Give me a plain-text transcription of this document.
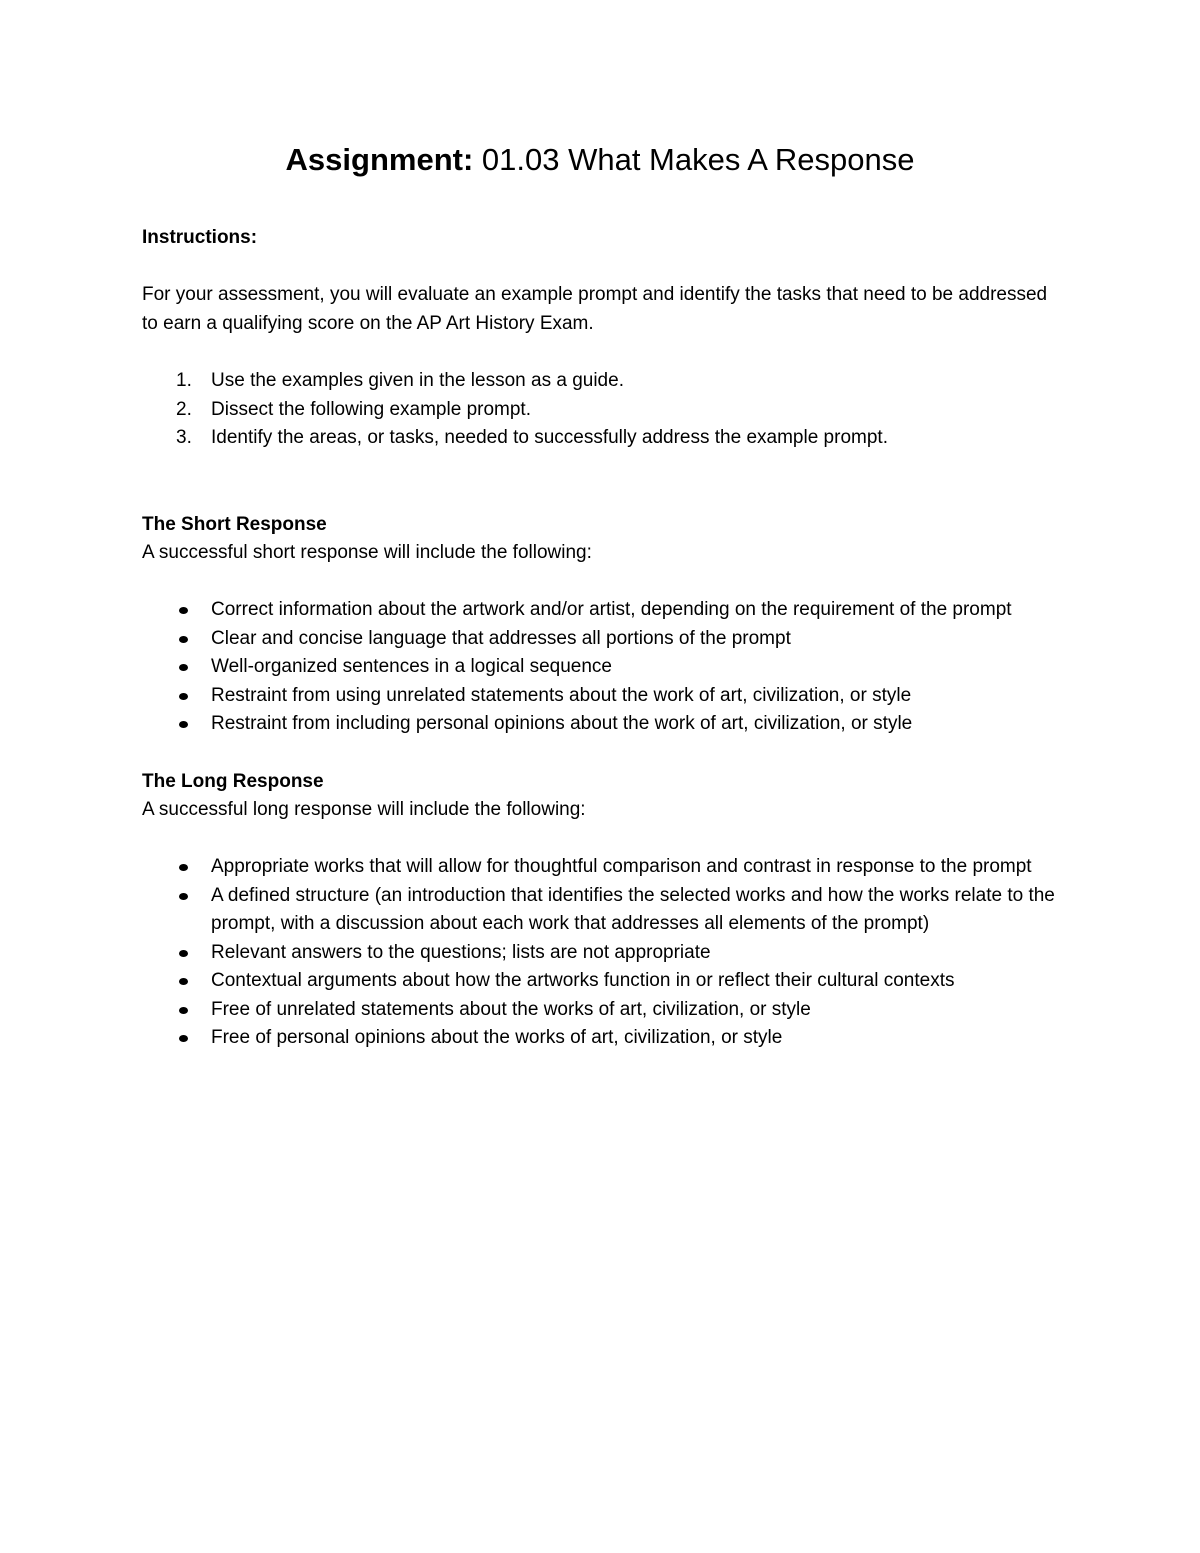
Assignment: 01.03 What Makes A Response

Instructions:

For your assessment, you will evaluate an example prompt and identify the tasks that need to be addressed to earn a qualifying score on the AP Art History Exam.

1.	Use the examples given in the lesson as a guide.
2.	Dissect the following example prompt.
3.	Identify the areas, or tasks, needed to successfully address the example prompt.

The Short Response

A successful short response will include the following:

Correct information about the artwork and/or artist, depending on the requirement of the prompt
Clear and concise language that addresses all portions of the prompt
Well-organized sentences in a logical sequence
Restraint from using unrelated statements about the work of art, civilization, or style
Restraint from including personal opinions about the work of art, civilization, or style

The Long Response

A successful long response will include the following:

Appropriate works that will allow for thoughtful comparison and contrast in response to the prompt
A defined structure (an introduction that identifies the selected works and how the works relate to the prompt, with a discussion about each work that addresses all elements of the prompt)
Relevant answers to the questions; lists are not appropriate
Contextual arguments about how the artworks function in or reflect their cultural contexts
Free of unrelated statements about the works of art, civilization, or style
Free of personal opinions about the works of art, civilization, or style
